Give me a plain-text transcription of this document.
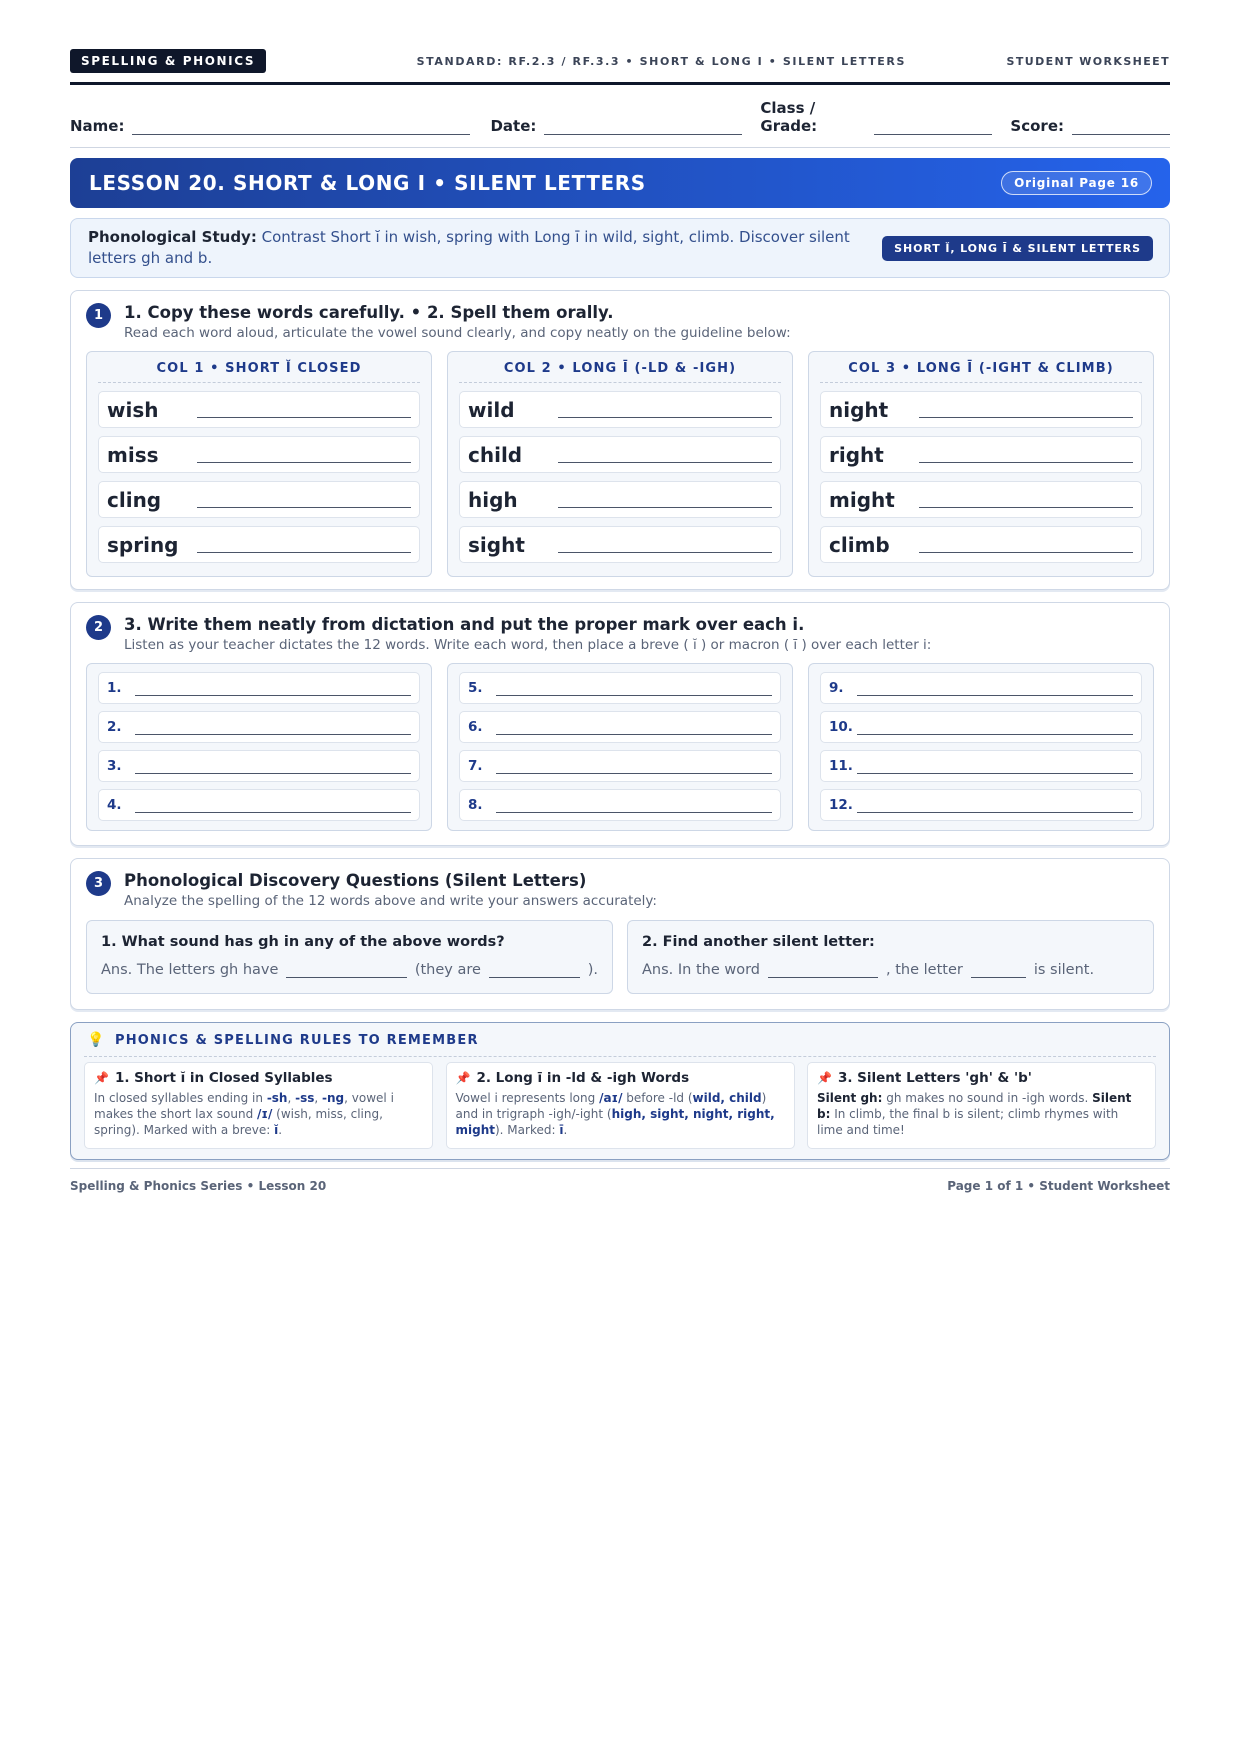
SPELLING & PHONICS	STANDARD: RF.2.3 / RF.3.3 • SHORT & LONG I • SILENT LETTERS	STUDENT WORKSHEET
Name:	Date:
Class / Grade:	Score:
LESSON 20. SHORT & LONG I • SILENT LETTERS	Original Page 16
Phonological Study: Contrast Short ĭ in wish, spring with Long ī in wild, sight, climb. Discover silent letters gh and b.
SHORT Ĭ, LONG Ī & SILENT LETTERS
1	1. Copy these words carefully. • 2. Spell them orally.
Read each word aloud, articulate the vowel sound clearly, and copy neatly on the guideline below:
COL 1 • SHORT Ĭ CLOSED
wish
miss
cling
spring
COL 2 • LONG Ī (-LD & -IGH)
wild
child
high
sight
COL 3 • LONG Ī (-IGHT & CLIMB)
night
right
might
climb
2	3. Write them neatly from dictation and put the proper mark over each i.
Listen as your teacher dictates the 12 words. Write each word, then place a breve ( ĭ ) or macron ( ī ) over each letter i:
1.
2.
3.
4.
5.
6.
7.
8.
9.
10.
11.
12.
3	Phonological Discovery Questions (Silent Letters)
Analyze the spelling of the 12 words above and write your answers accurately:
1. What sound has gh in any of the above words?
Ans. The letters gh have	(they are	).
2. Find another silent letter:
Ans. In the word	, the letter	is silent.
💡 PHONICS & SPELLING RULES TO REMEMBER
📌 1. Short ĭ in Closed Syllables
In closed syllables ending in -sh, -ss, -ng, vowel i makes the short lax sound /ɪ/ (wish, miss, cling, spring). Marked with a breve: ĭ.
📌 2. Long ī in -ld & -igh Words
Vowel i represents long /aɪ/ before -ld (wild, child) and in trigraph -igh/-ight (high, sight, night, right, might). Marked: ī.
📌 3. Silent Letters 'gh' & 'b'
Silent gh: gh makes no sound in -igh words. Silent b: In climb, the final b is silent; climb rhymes with lime and time!
Spelling & Phonics Series • Lesson 20	Page 1 of 1 • Student Worksheet
